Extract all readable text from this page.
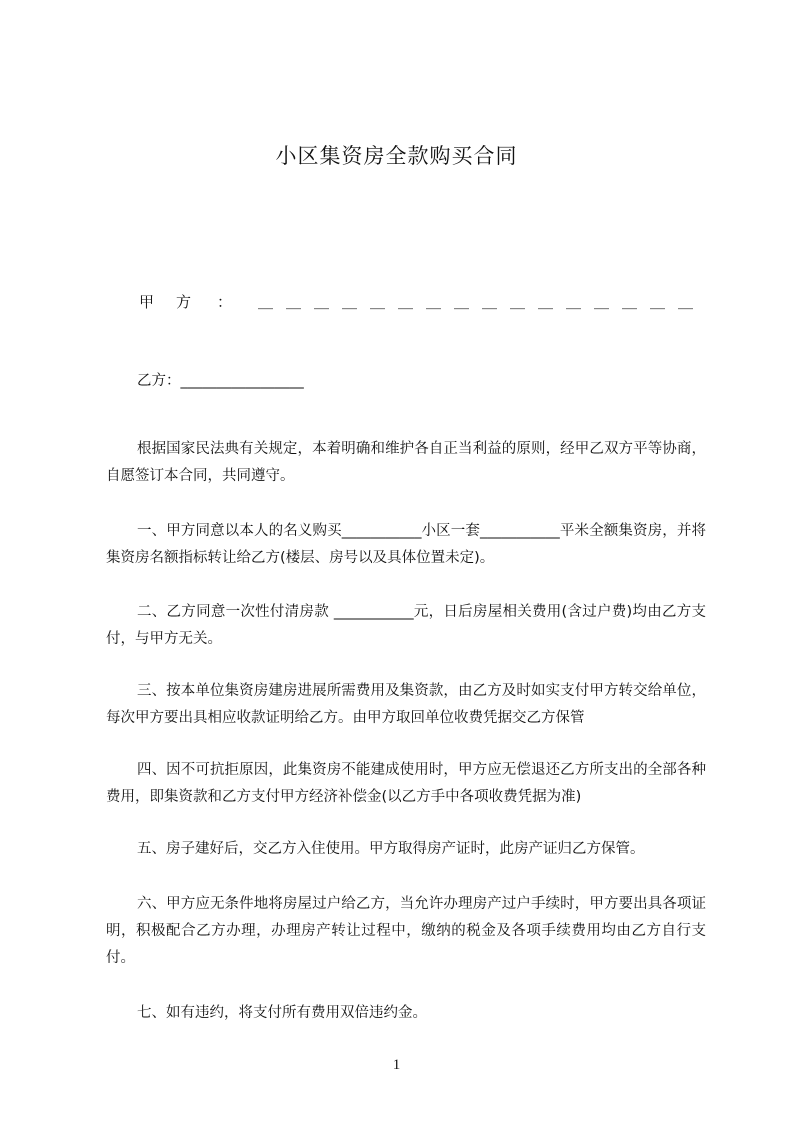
小区集资房全款购买合同
甲方 ： ＿＿＿＿＿＿＿＿＿＿＿＿＿＿＿＿
乙方：_________________

根据国家民法典有关规定，本着明确和维护各自正当利益的原则，经甲乙双方平等协商，自愿签订本合同，共同遵守。

一、甲方同意以本人的名义购买___________小区一套___________平米全额集资房，并将集资房名额指标转让给乙方(楼层、房号以及具体位置未定)。

二、乙方同意一次性付清房款 ___________元，日后房屋相关费用(含过户费)均由乙方支付，与甲方无关。

三、按本单位集资房建房进展所需费用及集资款，由乙方及时如实支付甲方转交给单位，每次甲方要出具相应收款证明给乙方。由甲方取回单位收费凭据交乙方保管

四、因不可抗拒原因，此集资房不能建成使用时，甲方应无偿退还乙方所支出的全部各种费用，即集资款和乙方支付甲方经济补偿金(以乙方手中各项收费凭据为准)

五、房子建好后，交乙方入住使用。甲方取得房产证时，此房产证归乙方保管。

六、甲方应无条件地将房屋过户给乙方，当允许办理房产过户手续时，甲方要出具各项证明，积极配合乙方办理，办理房产转让过程中，缴纳的税金及各项手续费用均由乙方自行支付。

七、如有违约，将支付所有费用双倍违约金。

1
